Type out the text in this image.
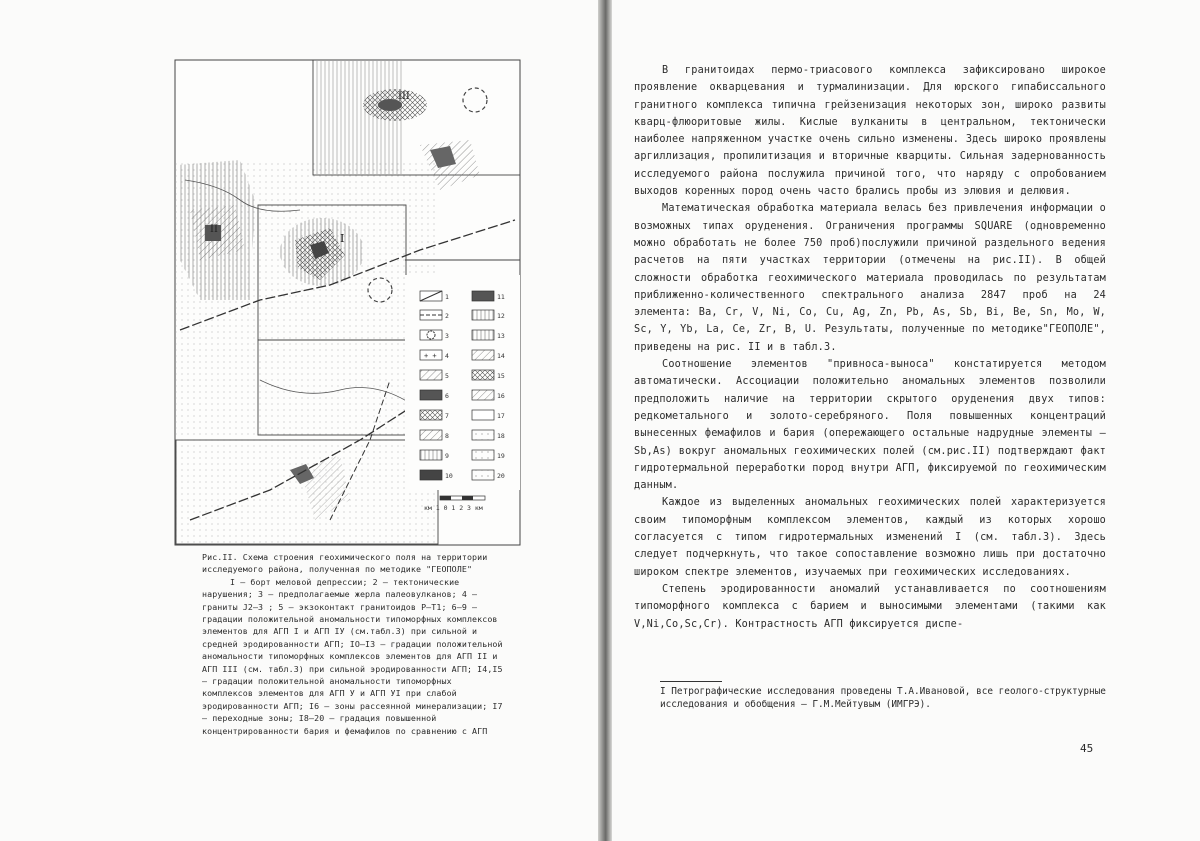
III
II
I
+ +
1
2
3
4
5
6
7
8
9
10
11
12
13
14
15
16
17
18
19
20
км 1 0 1 2 3 км

Рис.II. Схема строения геохимического поля на территории исследуемого района, полученная по методике "ГЕОПОЛЕ"

I – борт меловой депрессии; 2 – тектонические нарушения; 3 – предполагаемые жерла палеовулканов; 4 – граниты J2–3 ; 5 – экзоконтакт гранитоидов P–T1; 6–9 – градации положительной аномальности типоморфных комплексов элементов для АГП I и АГП IУ (см.табл.3) при сильной и средней эродированности АГП; IO–I3 – градации положительной аномальности типоморфных комплексов элементов для АГП II и АГП III (см. табл.3) при сильной эродированности АГП; I4,I5 – градации положительной аномальности типоморфных комплексов элементов для АГП У и АГП УI при слабой эродированности АГП; I6 – зоны рассеянной минерализации; I7 – переходные зоны; I8–20 – градация повышенной концентрированности бария и фемафилов по сравнению с АГП

В гранитоидах пермо-триасового комплекса зафиксировано широкое проявление окварцевания и турмалинизации. Для юрского гипабиссального гранитного комплекса типична грейзенизация некоторых зон, широко развиты кварц-флюоритовые жилы. Кислые вулканиты в центральном, тектонически наиболее напряженном участке очень сильно изменены. Здесь широко проявлены аргиллизация, пропилитизация и вторичные кварциты. Сильная задернованность исследуемого района послужила причиной того, что наряду с опробованием выходов коренных пород очень часто брались пробы из элювия и делювия.

Математическая обработка материала велась без привлечения информации о возможных типах оруденения. Ограничения программы SQUARE (одновременно можно обработать не более 750 проб)послужили причиной раздельного ведения расчетов на пяти участках территории (отмечены на рис.II). В общей сложности обработка геохимического материала проводилась по результатам приближенно-количественного спектрального анализа 2847 проб на 24 элемента: Ba, Cr, V, Ni, Co, Cu, Ag, Zn, Pb, As, Sb, Bi, Be, Sn, Mo, W, Sc, Y, Yb, La, Ce, Zr, B, U. Результаты, полученные по методике"ГЕОПОЛЕ", приведены на рис. II и в табл.3.

Соотношение элементов "привноса-выноса" констатируется методом автоматически. Ассоциации положительно аномальных элементов позволили предположить наличие на территории скрытого оруденения двух типов: редкометального и золото-серебряного. Поля повышенных концентраций вынесенных фемафилов и бария (опережающего остальные надрудные элементы – Sb,As) вокруг аномальных геохимических полей (см.рис.II) подтверждают факт гидротермальной переработки пород внутри АГП, фиксируемой по геохимическим данным.

Каждое из выделенных аномальных геохимических полей характеризуется своим типоморфным комплексом элементов, каждый из которых хорошо согласуется с типом гидротермальных изменений I (см. табл.3). Здесь следует подчеркнуть, что такое сопоставление возможно лишь при достаточно широком спектре элементов, изучаемых при геохимических исследованиях.

Степень эродированности аномалий устанавливается по соотношениям типоморфного комплекса с барием и выносимыми элементами (такими как V,Ni,Co,Sc,Cr). Контрастность АГП фиксируется диспе-

I Петрографические исследования проведены Т.А.Ивановой, все геолого-структурные исследования и обобщения – Г.М.Мейтувым (ИМГРЭ).
45
